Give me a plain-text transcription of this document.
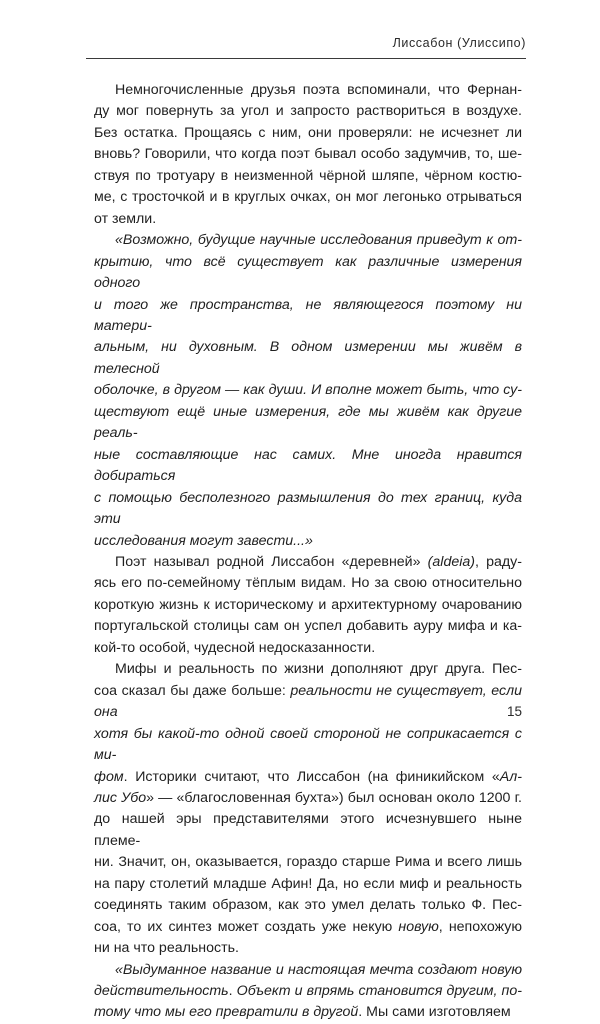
Лиссабон (Улиссипо)

Немногочисленные друзья поэта вспоминали, что Фернан-
ду мог повернуть за угол и запросто раствориться в воздухе.
Без остатка. Прощаясь с ним, они проверяли: не исчезнет ли
вновь? Говорили, что когда поэт бывал особо задумчив, то, ше-
ствуя по тротуару в неизменной чёрной шляпе, чёрном костю-
ме, с тросточкой и в круглых очках, он мог легонько отрываться
от земли.

«Возможно, будущие научные исследования приведут к от-
крытию, что всё существует как различные измерения одного
и того же пространства, не являющегося поэтому ни матери-
альным, ни духовным. В одном измерении мы живём в телесной
оболочке, в другом — как души. И вполне может быть, что су-
ществуют ещё иные измерения, где мы живём как другие реаль-
ные составляющие нас самих. Мне иногда нравится добираться
с помощью бесполезного размышления до тех границ, куда эти
исследования могут завести...»

Поэт называл родной Лиссабон «деревней» (aldeia), раду-
ясь его по-семейному тёплым видам. Но за свою относительно
короткую жизнь к историческому и архитектурному очарованию
португальской столицы сам он успел добавить ауру мифа и ка-
кой-то особой, чудесной недосказанности.

Мифы и реальность по жизни дополняют друг друга. Пес-
соа сказал бы даже больше: реальности не существует, если она
хотя бы какой-то одной своей стороной не соприкасается с ми-
фом. Историки считают, что Лиссабон (на финикийском «Ал-
лис Убо» — «благословенная бухта») был основан около 1200 г.
до нашей эры представителями этого исчезнувшего ныне племе-
ни. Значит, он, оказывается, гораздо старше Рима и всего лишь
на пару столетий младше Афин! Да, но если миф и реальность
соединять таким образом, как это умел делать только Ф. Пес-
соа, то их синтез может создать уже некую новую, непохожую
ни на что реальность.

«Выдуманное название и настоящая мечта создают новую
действительность. Объект и впрямь становится другим, по-
тому что мы его превратили в другой. Мы сами изготовляем

15
